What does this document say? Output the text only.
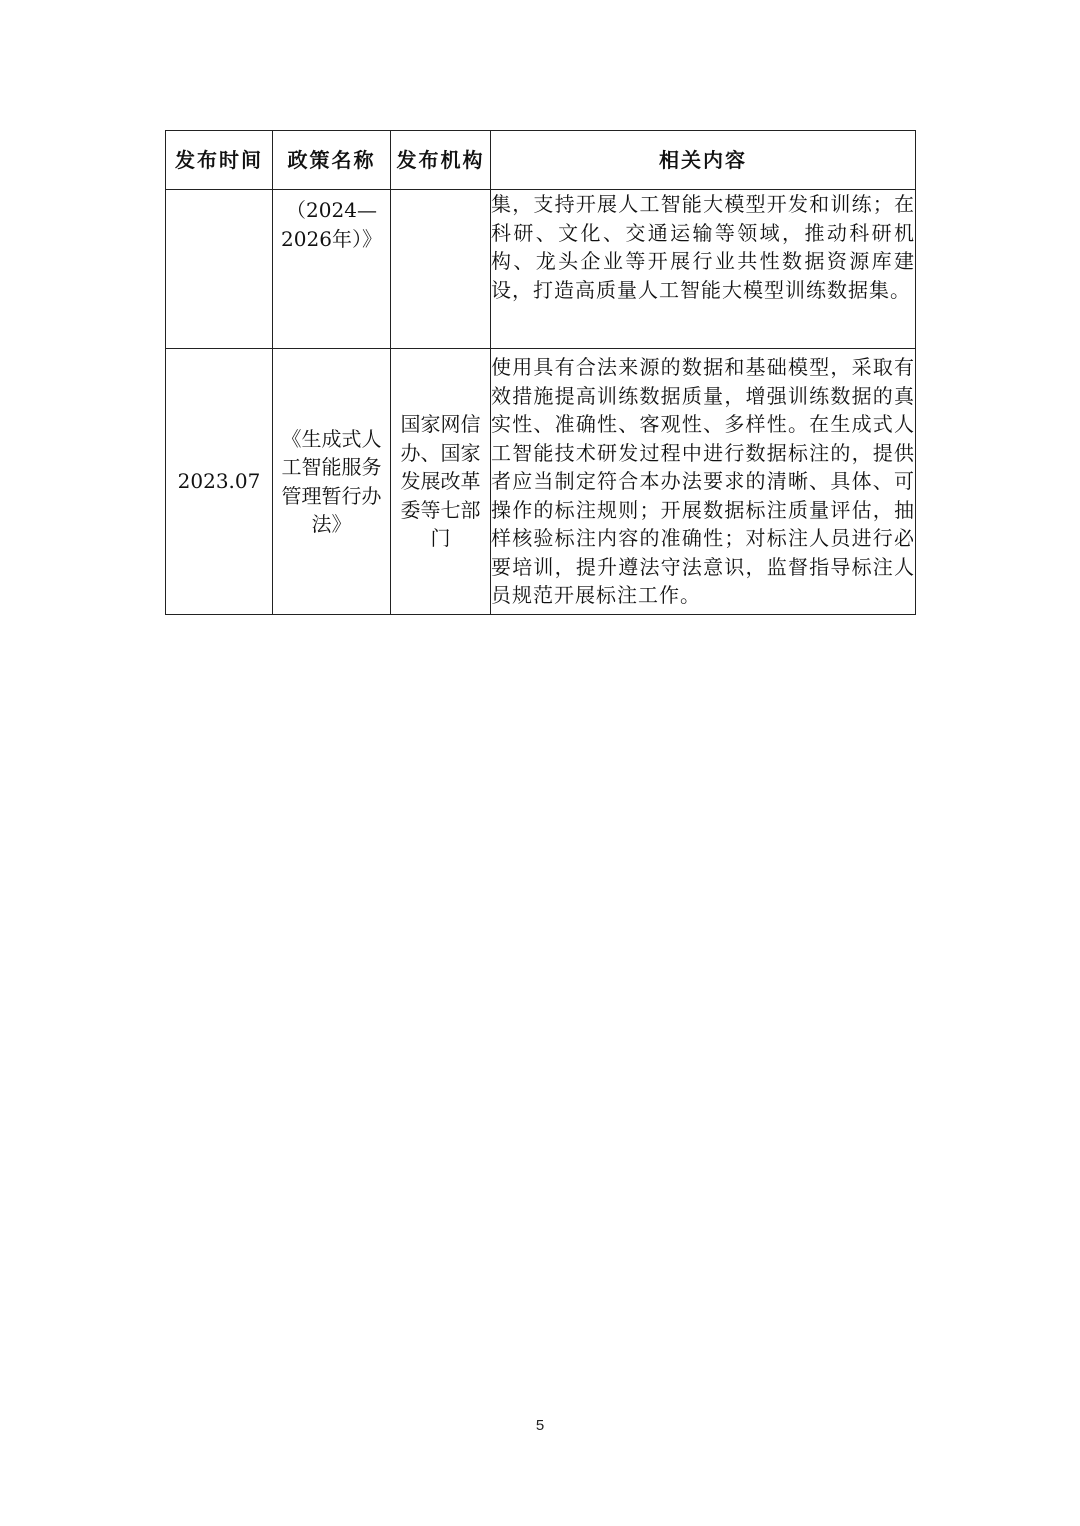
发布时间	政策名称	发布机构	相关内容
	（2024—2026年）》		集，支持开展人工智能大模型开发和训练；在科研、文化、交通运输等领域，推动科研机构、龙头企业等开展行业共性数据资源库建设，打造高质量人工智能大模型训练数据集。
2023.07	《生成式人工智能服务管理暂行办法》	国家网信办、国家发展改革委等七部门	使用具有合法来源的数据和基础模型，采取有效措施提高训练数据质量，增强训练数据的真实性、准确性、客观性、多样性。在生成式人工智能技术研发过程中进行数据标注的，提供者应当制定符合本办法要求的清晰、具体、可操作的标注规则；开展数据标注质量评估，抽样核验标注内容的准确性；对标注人员进行必要培训，提升遵法守法意识，监督指导标注人员规范开展标注工作。
5
